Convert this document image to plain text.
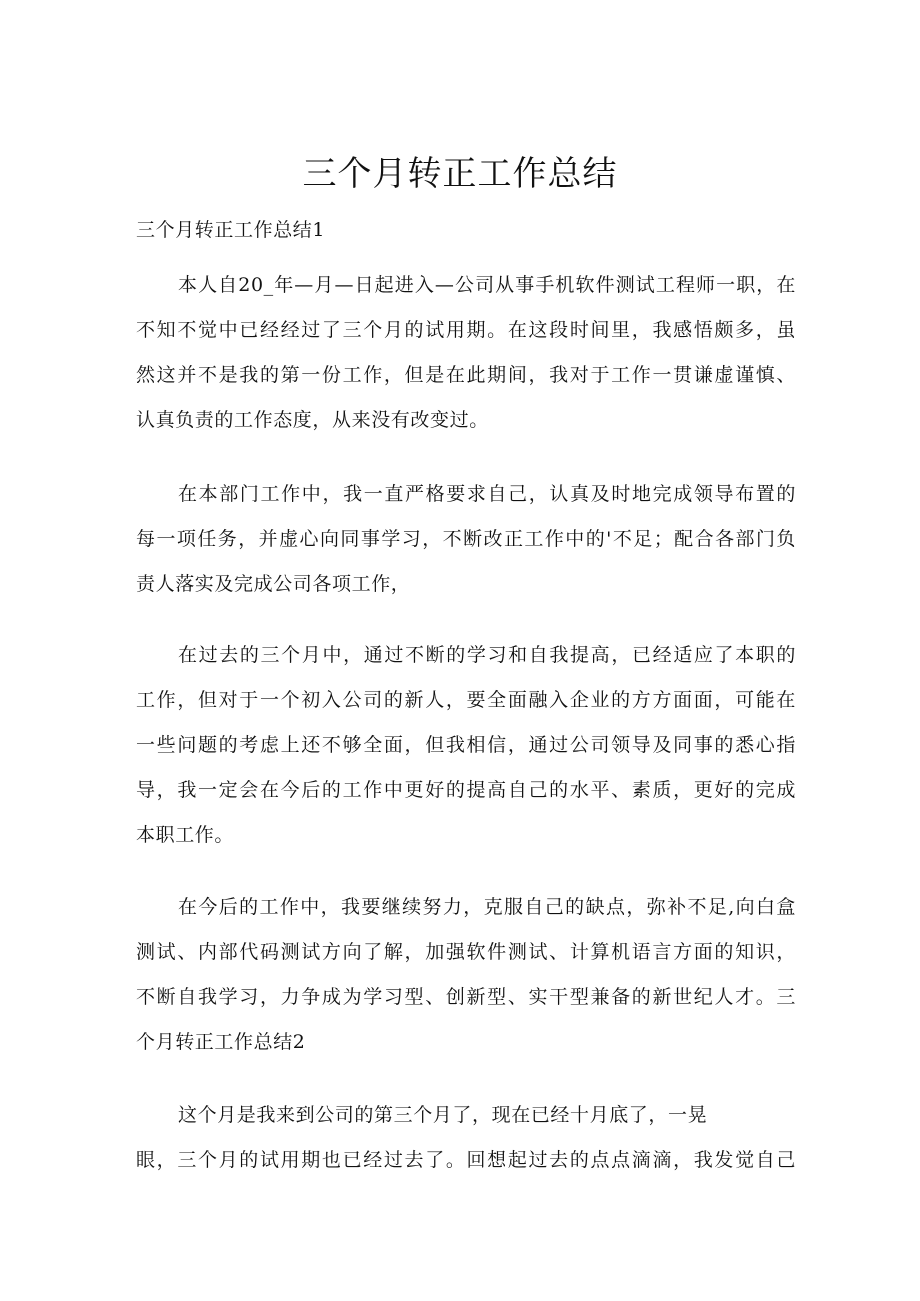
三个月转正工作总结

三个月转正工作总结1

本人自20_年—月—日起进入—公司从事手机软件测试工程师一职，在

不知不觉中已经经过了三个月的试用期。在这段时间里，我感悟颇多，虽

然这并不是我的第一份工作，但是在此期间，我对于工作一贯谦虚谨慎、

认真负责的工作态度，从来没有改变过。

在本部门工作中，我一直严格要求自己，认真及时地完成领导布置的

每一项任务，并虚心向同事学习，不断改正工作中的'不足；配合各部门负

责人落实及完成公司各项工作，

在过去的三个月中，通过不断的学习和自我提高，已经适应了本职的

工作，但对于一个初入公司的新人，要全面融入企业的方方面面，可能在

一些问题的考虑上还不够全面，但我相信，通过公司领导及同事的悉心指

导，我一定会在今后的工作中更好的提高自己的水平、素质，更好的完成

本职工作。

在今后的工作中，我要继续努力，克服自己的缺点，弥补不足,向白盒

测试、内部代码测试方向了解，加强软件测试、计算机语言方面的知识，

不断自我学习，力争成为学习型、创新型、实干型兼备的新世纪人才。三

个月转正工作总结2

这个月是我来到公司的第三个月了，现在已经十月底了，一晃

眼，三个月的试用期也已经过去了。回想起过去的点点滴滴，我发觉自己
